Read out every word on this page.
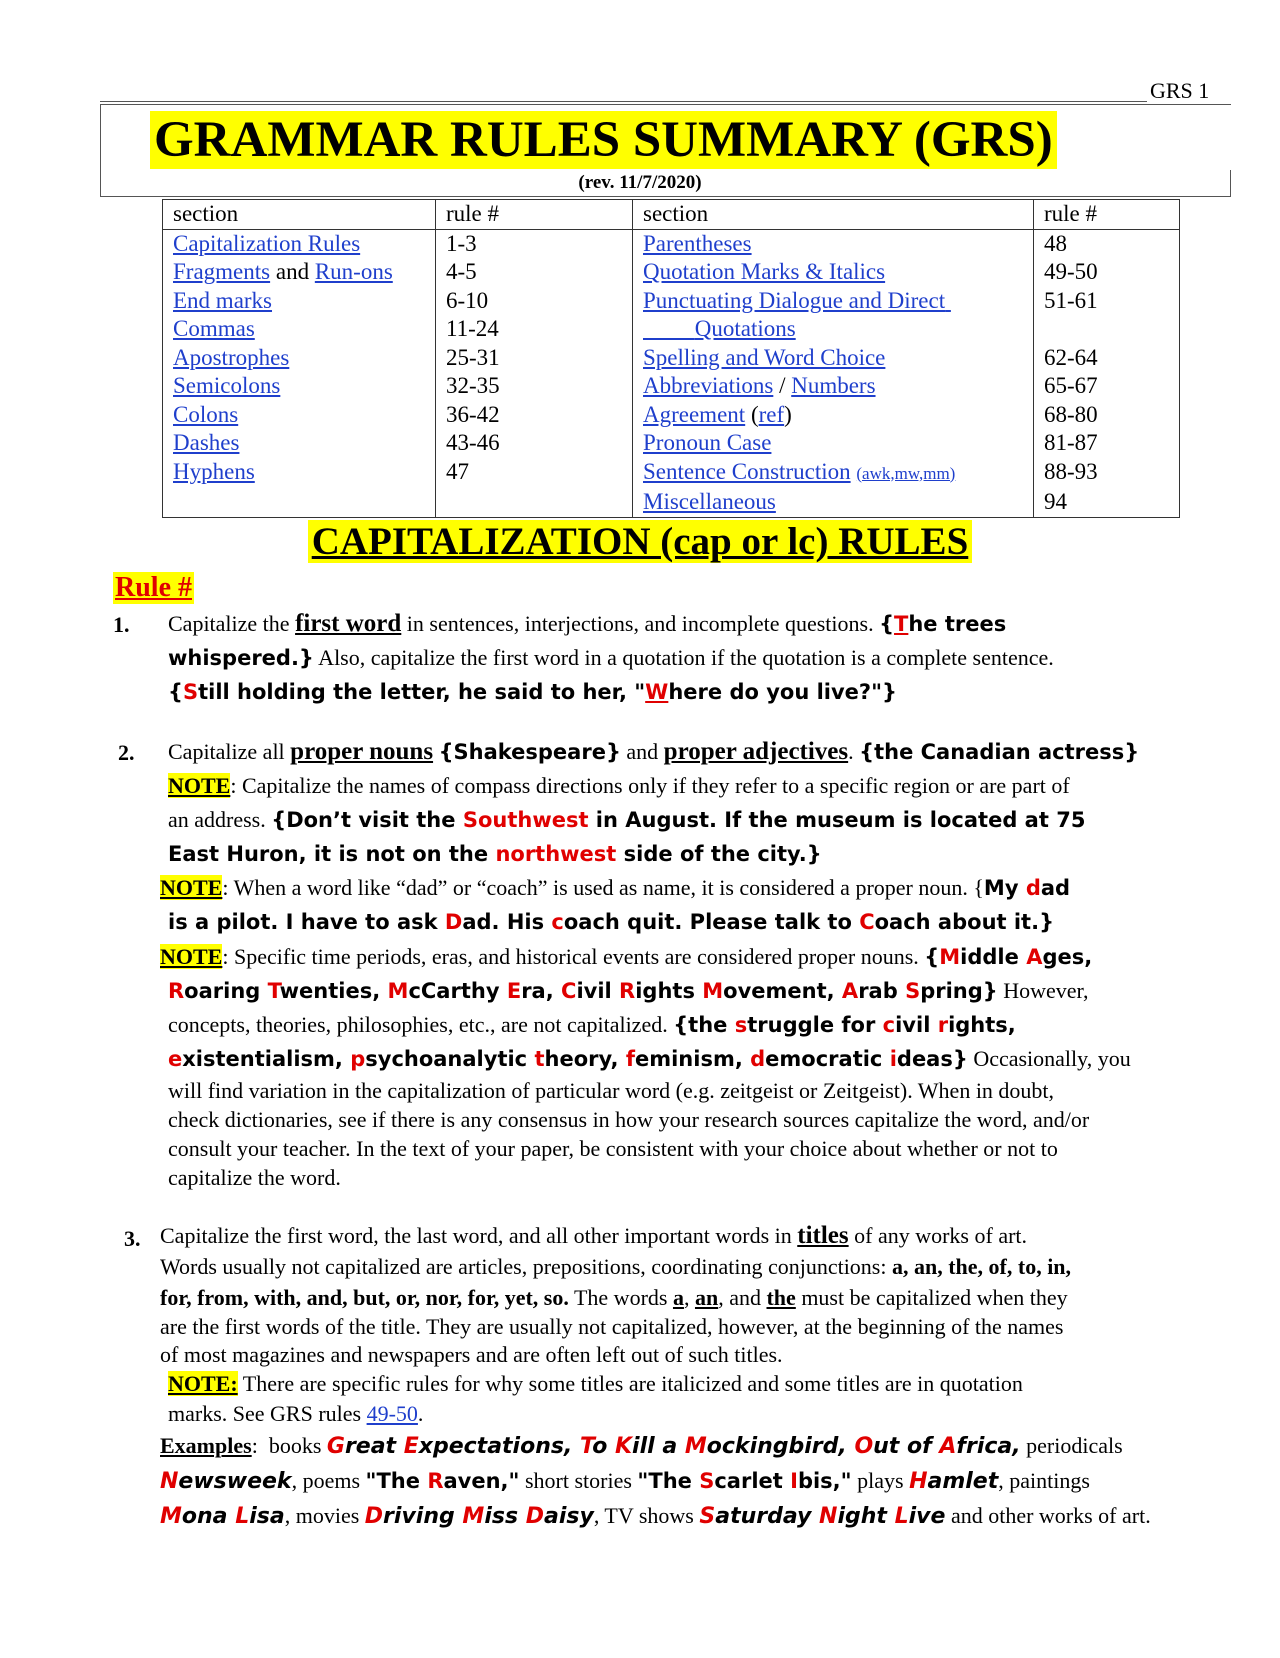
GRS 1
GRAMMAR RULES SUMMARY (GRS)
(rev. 11/7/2020)
section	rule #	section	rule #
Capitalization Rules	1-3	Parentheses	48
Fragments and Run-ons	4-5	Quotation Marks & Italics	49-50
End marks	6-10	Punctuating Dialogue and Direct	51-61
Commas	11-24	Quotations	
Apostrophes	25-31	Spelling and Word Choice	62-64
Semicolons	32-35	Abbreviations / Numbers	65-67
Colons	36-42	Agreement (ref)	68-80
Dashes	43-46	Pronoun Case	81-87
Hyphens	47	Sentence Construction (awk,mw,mm)	88-93
		Miscellaneous	94
CAPITALIZATION (cap or lc) RULES
Rule #
1. Capitalize the first word in sentences, interjections, and incomplete questions. {The trees
whispered.} Also, capitalize the first word in a quotation if the quotation is a complete sentence.
{Still holding the letter, he said to her, "Where do you live?"}
2. Capitalize all proper nouns {Shakespeare} and proper adjectives. {the Canadian actress}
NOTE: Capitalize the names of compass directions only if they refer to a specific region or are part of
an address. {Don’t visit the Southwest in August. If the museum is located at 75
East Huron, it is not on the northwest side of the city.}
NOTE: When a word like “dad” or “coach” is used as name, it is considered a proper noun. {My dad
is a pilot. I have to ask Dad. His coach quit. Please talk to Coach about it.}
NOTE: Specific time periods, eras, and historical events are considered proper nouns. {Middle Ages,
Roaring Twenties, McCarthy Era, Civil Rights Movement, Arab Spring} However,
concepts, theories, philosophies, etc., are not capitalized. {the struggle for civil rights,
existentialism, psychoanalytic theory, feminism, democratic ideas} Occasionally, you
will find variation in the capitalization of particular word (e.g. zeitgeist or Zeitgeist). When in doubt,
check dictionaries, see if there is any consensus in how your research sources capitalize the word, and/or
consult your teacher. In the text of your paper, be consistent with your choice about whether or not to
capitalize the word.
3. Capitalize the first word, the last word, and all other important words in titles of any works of art.
Words usually not capitalized are articles, prepositions, coordinating conjunctions: a, an, the, of, to, in,
for, from, with, and, but, or, nor, for, yet, so. The words a, an, and the must be capitalized when they
are the first words of the title. They are usually not capitalized, however, at the beginning of the names
of most magazines and newspapers and are often left out of such titles.
NOTE: There are specific rules for why some titles are italicized and some titles are in quotation
marks. See GRS rules 49-50.
Examples:  books Great Expectations, To Kill a Mockingbird, Out of Africa, periodicals
Newsweek, poems "The Raven," short stories "The Scarlet Ibis," plays Hamlet, paintings
Mona Lisa, movies Driving Miss Daisy, TV shows Saturday Night Live and other works of art.
